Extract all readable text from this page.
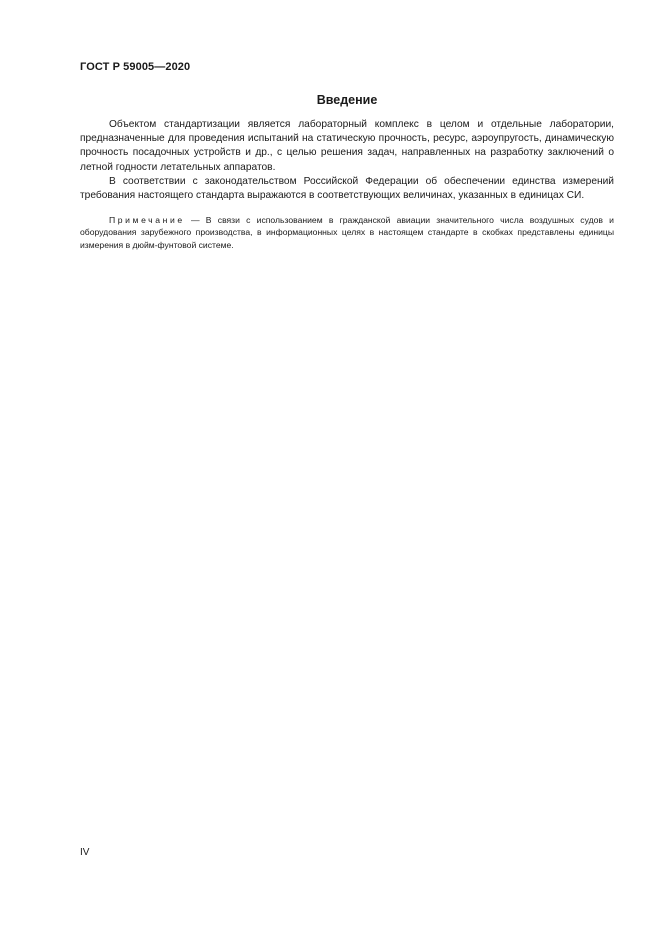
ГОСТ Р 59005—2020
Введение

Объектом стандартизации является лабораторный комплекс в целом и отдельные лаборатории, предназначенные для проведения испытаний на статическую прочность, ресурс, аэроупругость, динамическую прочность посадочных устройств и др., с целью решения задач, направленных на разработку заключений о летной годности летательных аппаратов.

В соответствии с законодательством Российской Федерации об обеспечении единства измерений требования настоящего стандарта выражаются в соответствующих величинах, указанных в единицах СИ.

Примечание — В связи с использованием в гражданской авиации значительного числа воздушных судов и оборудования зарубежного производства, в информационных целях в настоящем стандарте в скобках представлены единицы измерения в дюйм-фунтовой системе.
IV
